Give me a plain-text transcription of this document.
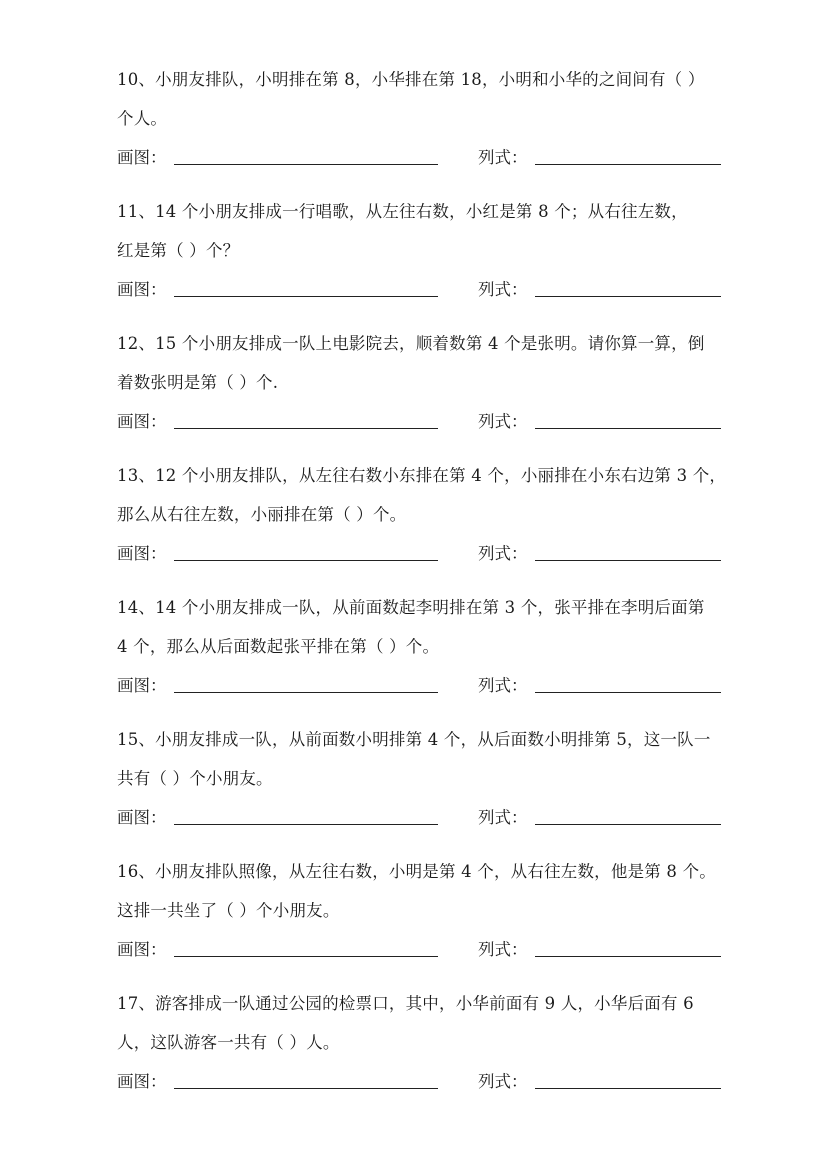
10、小朋友排队，小明排在第 8，小华排在第 18，小明和小华的之间间有（ ）
个人。
画图：	列式：
11、14 个小朋友排成一行唱歌，从左往右数，小红是第 8 个；从右往左数，
红是第（ ）个？
画图：	列式：
12、15 个小朋友排成一队上电影院去，顺着数第 4 个是张明。请你算一算，倒
着数张明是第（ ）个.
画图：	列式：
13、12 个小朋友排队，从左往右数小东排在第 4 个，小丽排在小东右边第 3 个，
那么从右往左数，小丽排在第（ ）个。
画图：	列式：
14、14 个小朋友排成一队，从前面数起李明排在第 3 个，张平排在李明后面第
4 个，那么从后面数起张平排在第（ ）个。
画图：	列式：
15、小朋友排成一队，从前面数小明排第 4 个，从后面数小明排第 5，这一队一
共有（ ）个小朋友。
画图：	列式：
16、小朋友排队照像，从左往右数，小明是第 4 个，从右往左数，他是第 8 个。
这排一共坐了（ ）个小朋友。
画图：	列式：
17、游客排成一队通过公园的检票口，其中，小华前面有 9 人，小华后面有 6
人，这队游客一共有（ ）人。
画图：	列式：
